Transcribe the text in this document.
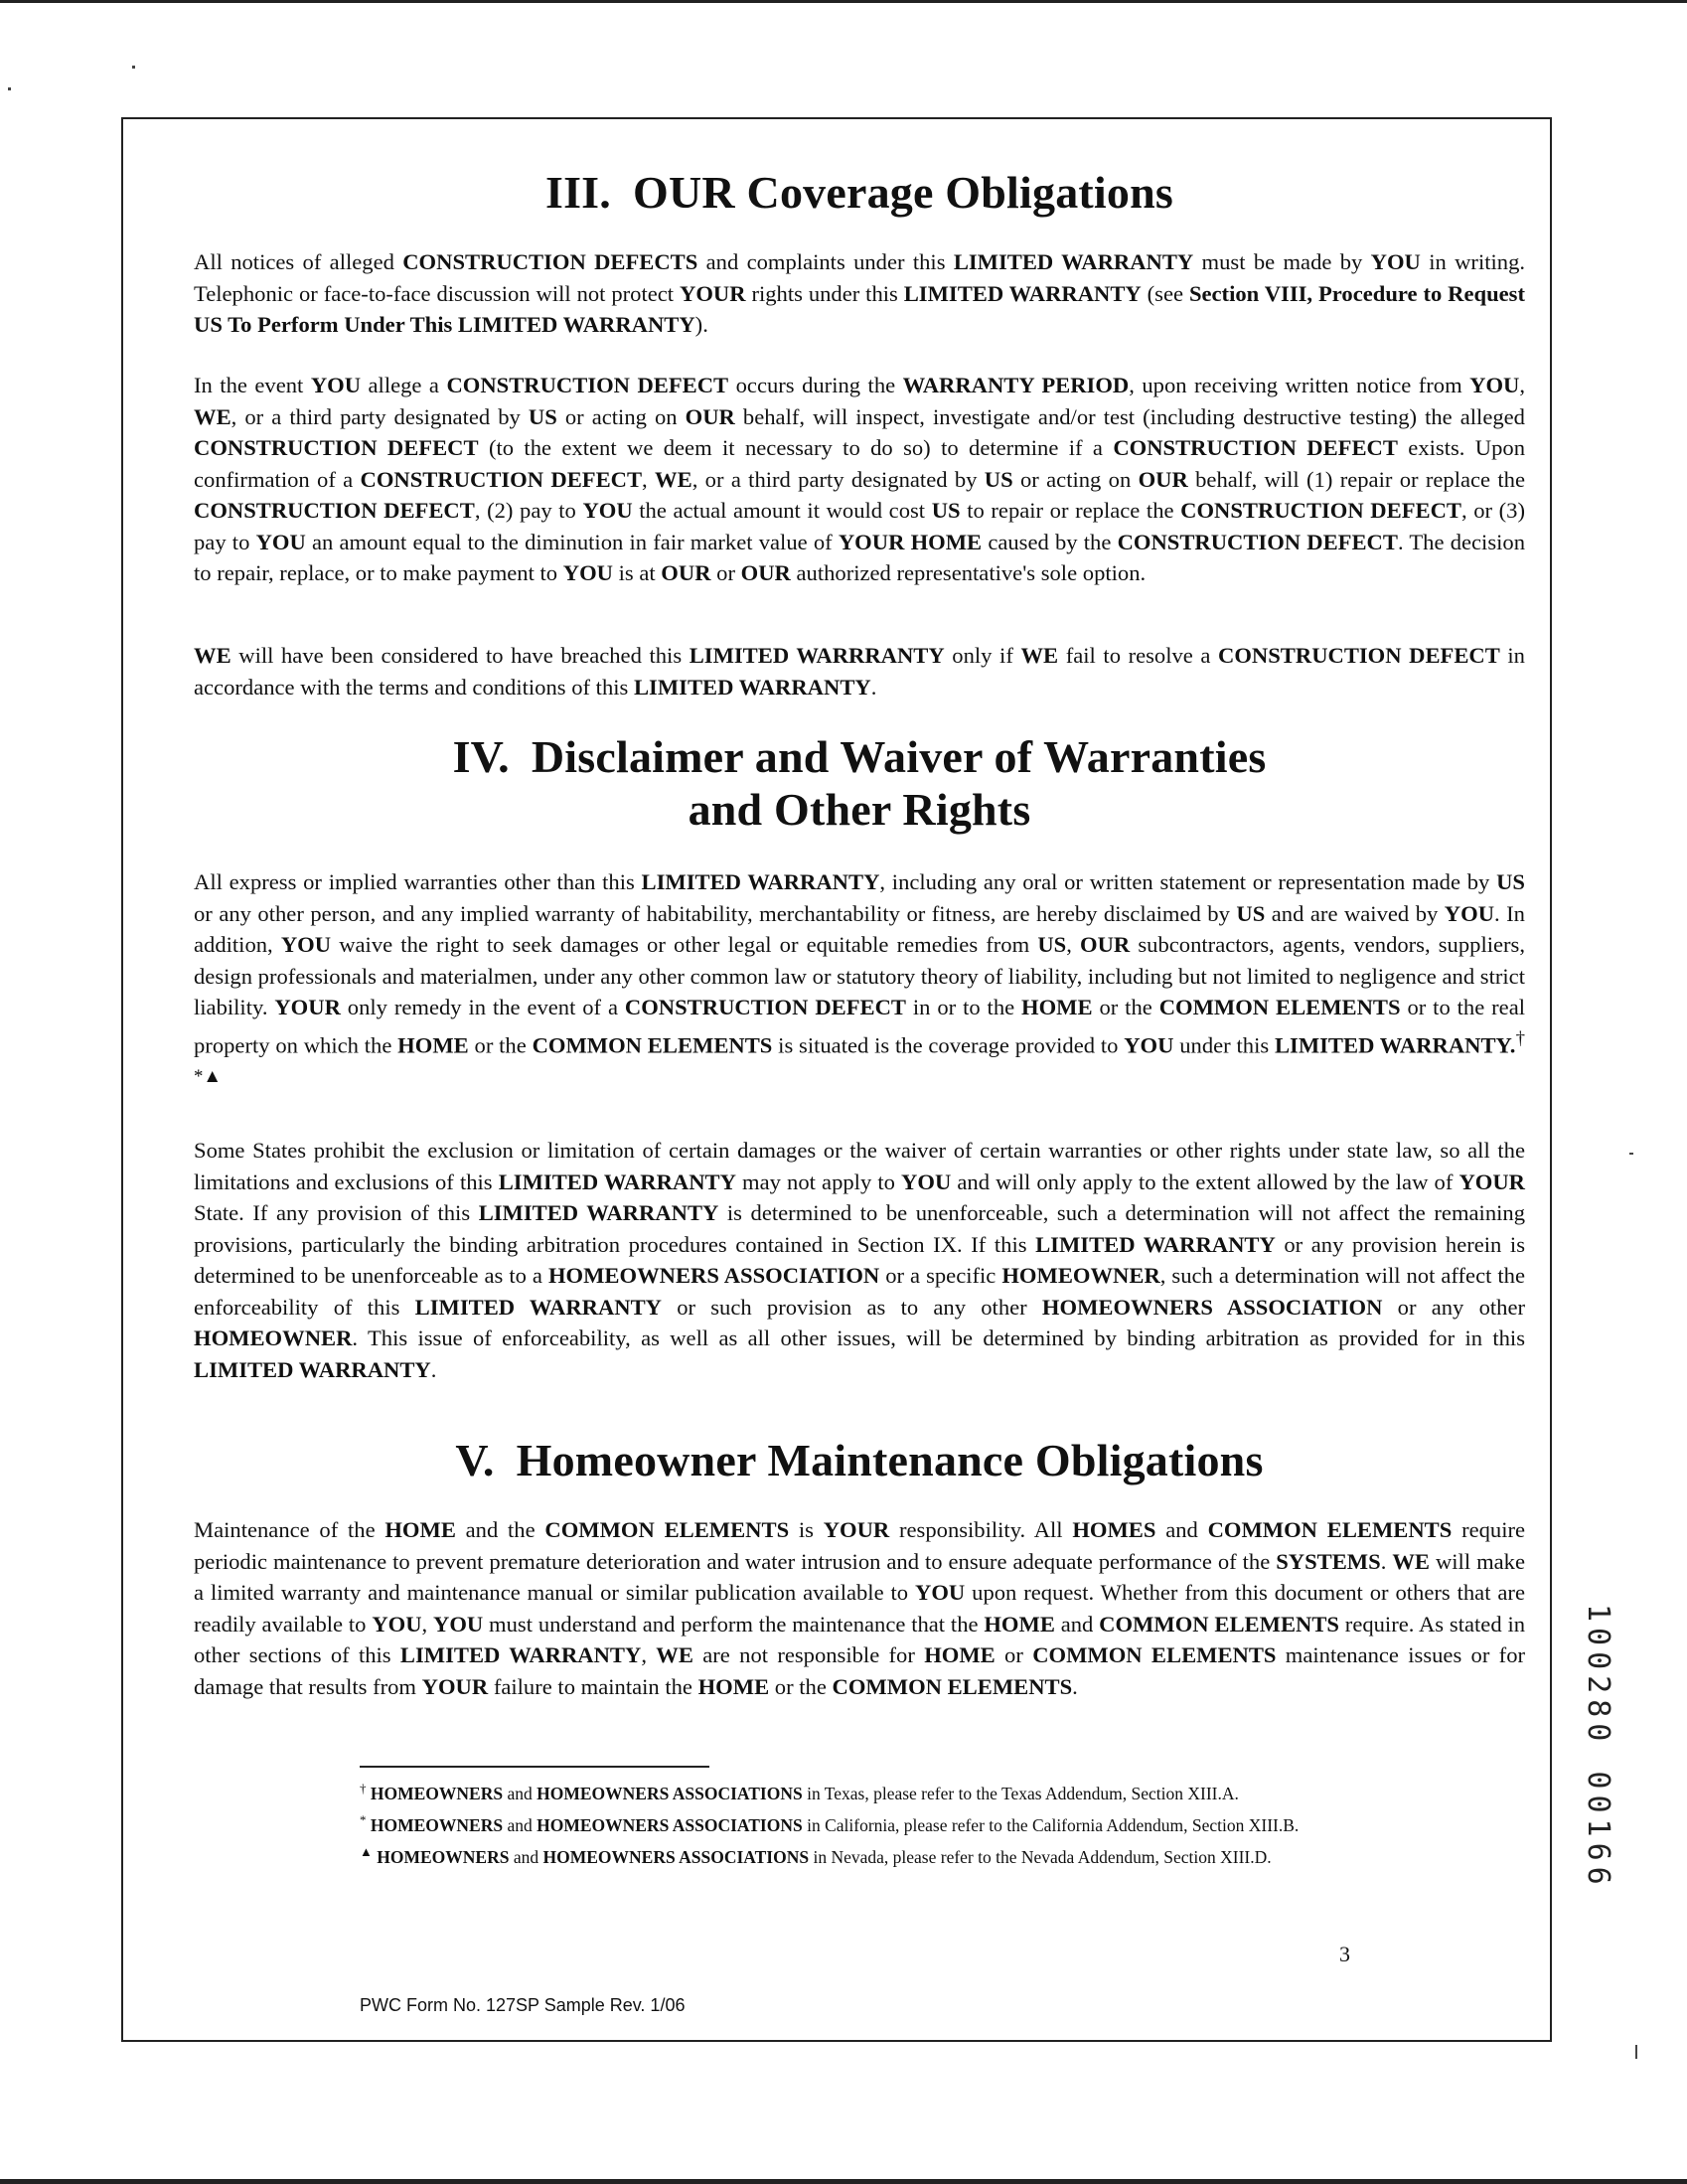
III. OUR Coverage Obligations

All notices of alleged CONSTRUCTION DEFECTS and complaints under this LIMITED WARRANTY must be made by YOU in writing. Telephonic or face-to-face discussion will not protect YOUR rights under this LIMITED WARRANTY (see Section VIII, Procedure to Request US To Perform Under This LIMITED WARRANTY).

In the event YOU allege a CONSTRUCTION DEFECT occurs during the WARRANTY PERIOD, upon receiving written notice from YOU, WE, or a third party designated by US or acting on OUR behalf, will inspect, investigate and/or test (including destructive testing) the alleged CONSTRUCTION DEFECT (to the extent we deem it necessary to do so) to determine if a CONSTRUCTION DEFECT exists. Upon confirmation of a CONSTRUCTION DEFECT, WE, or a third party designated by US or acting on OUR behalf, will (1) repair or replace the CONSTRUCTION DEFECT, (2) pay to YOU the actual amount it would cost US to repair or replace the CONSTRUCTION DEFECT, or (3) pay to YOU an amount equal to the diminution in fair market value of YOUR HOME caused by the CONSTRUCTION DEFECT. The decision to repair, replace, or to make payment to YOU is at OUR or OUR authorized representative's sole option.

WE will have been considered to have breached this LIMITED WARRRANTY only if WE fail to resolve a CONSTRUCTION DEFECT in accordance with the terms and conditions of this LIMITED WARRANTY.

IV. Disclaimer and Waiver of Warranties
and Other Rights

All express or implied warranties other than this LIMITED WARRANTY, including any oral or written statement or representation made by US or any other person, and any implied warranty of habitability, merchantability or fitness, are hereby disclaimed by US and are waived by YOU. In addition, YOU waive the right to seek damages or other legal or equitable remedies from US, OUR subcontractors, agents, vendors, suppliers, design professionals and materialmen, under any other common law or statutory theory of liability, including but not limited to negligence and strict liability. YOUR only remedy in the event of a CONSTRUCTION DEFECT in or to the HOME or the COMMON ELEMENTS or to the real property on which the HOME or the COMMON ELEMENTS is situated is the coverage provided to YOU under this LIMITED WARRANTY.† *▲

Some States prohibit the exclusion or limitation of certain damages or the waiver of certain warranties or other rights under state law, so all the limitations and exclusions of this LIMITED WARRANTY may not apply to YOU and will only apply to the extent allowed by the law of YOUR State. If any provision of this LIMITED WARRANTY is determined to be unenforceable, such a determination will not affect the remaining provisions, particularly the binding arbitration procedures contained in Section IX. If this LIMITED WARRANTY or any provision herein is determined to be unenforceable as to a HOMEOWNERS ASSOCIATION or a specific HOMEOWNER, such a determination will not affect the enforceability of this LIMITED WARRANTY or such provision as to any other HOMEOWNERS ASSOCIATION or any other HOMEOWNER. This issue of enforceability, as well as all other issues, will be determined by binding arbitration as provided for in this LIMITED WARRANTY.

V. Homeowner Maintenance Obligations

Maintenance of the HOME and the COMMON ELEMENTS is YOUR responsibility. All HOMES and COMMON ELEMENTS require periodic maintenance to prevent premature deterioration and water intrusion and to ensure adequate performance of the SYSTEMS. WE will make a limited warranty and maintenance manual or similar publication available to YOU upon request. Whether from this document or others that are readily available to YOU, YOU must understand and perform the maintenance that the HOME and COMMON ELEMENTS require. As stated in other sections of this LIMITED WARRANTY, WE are not responsible for HOME or COMMON ELEMENTS maintenance issues or for damage that results from YOUR failure to maintain the HOME or the COMMON ELEMENTS.

† HOMEOWNERS and HOMEOWNERS ASSOCIATIONS in Texas, please refer to the Texas Addendum, Section XIII.A.

* HOMEOWNERS and HOMEOWNERS ASSOCIATIONS in California, please refer to the California Addendum, Section XIII.B.

▲ HOMEOWNERS and HOMEOWNERS ASSOCIATIONS in Nevada, please refer to the Nevada Addendum, Section XIII.D.

3
PWC Form No. 127SP Sample Rev. 1/06
100280 00166
